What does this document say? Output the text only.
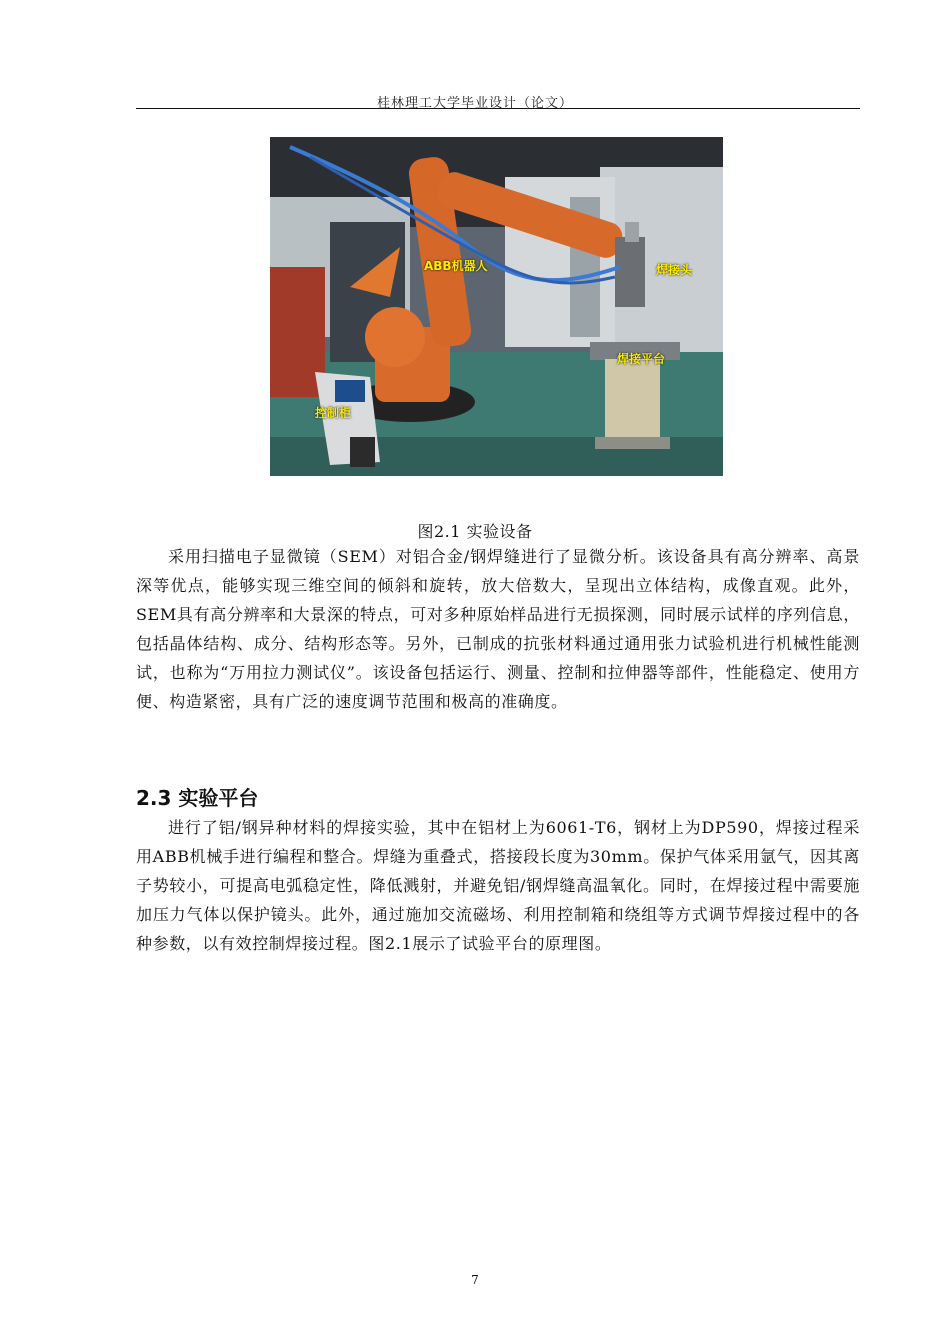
桂林理工大学毕业设计（论文）
ABB机器人	焊接头
焊接平台
控制柜
图2.1 实验设备

采用扫描电子显微镜（SEM）对铝合金/钢焊缝进行了显微分析。该设备具有高分辨率、高景深等优点，能够实现三维空间的倾斜和旋转，放大倍数大，呈现出立体结构，成像直观。此外，SEM具有高分辨率和大景深的特点，可对多种原始样品进行无损探测，同时展示试样的序列信息，包括晶体结构、成分、结构形态等。另外，已制成的抗张材料通过通用张力试验机进行机械性能测试，也称为“万用拉力测试仪”。该设备包括运行、测量、控制和拉伸器等部件，性能稳定、使用方便、构造紧密，具有广泛的速度调节范围和极高的准确度。

2.3 实验平台

进行了铝/钢异种材料的焊接实验，其中在铝材上为6061-T6，钢材上为DP590，焊接过程采用ABB机械手进行编程和整合。焊缝为重叠式，搭接段长度为30mm。保护气体采用氩气，因其离子势较小，可提高电弧稳定性，降低溅射，并避免铝/钢焊缝高温氧化。同时，在焊接过程中需要施加压力气体以保护镜头。此外，通过施加交流磁场、利用控制箱和绕组等方式调节焊接过程中的各种参数，以有效控制焊接过程。图2.1展示了试验平台的原理图。

7
